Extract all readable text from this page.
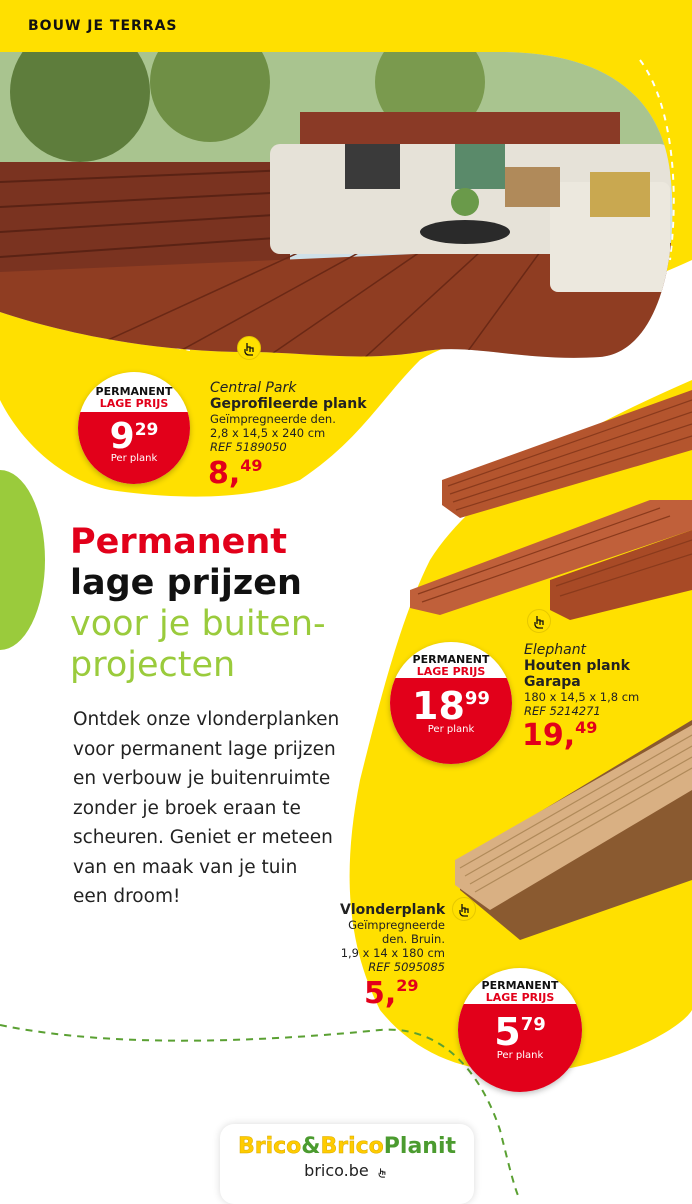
BOUW JE TERRAS
PERMANENT
LAGE PRIJS
929
Per plank
Central Park
Geprofileerde plank
Geïmpregneerde den.
2,8 x 14,5 x 240 cm
REF 5189050
8,49
Permanent
lage prijzen
voor je buiten-
projecten
Ontdek onze vlonderplanken
voor permanent lage prijzen
en verbouw je buitenruimte
zonder je broek eraan te
scheuren. Geniet er meteen
van en maak van je tuin
een droom!
PERMANENT
LAGE PRIJS
1899
Per plank
Elephant
Houten plank
Garapa
180 x 14,5 x 1,8 cm
REF 5214271
19,49
Vlonderplank
Geïmpregneerde
den. Bruin.
1,9 x 14 x 180 cm
REF 5095085
5,29	PERMANENT
LAGE PRIJS
579
Per plank
Brico&BricoPlanit
brico.be
